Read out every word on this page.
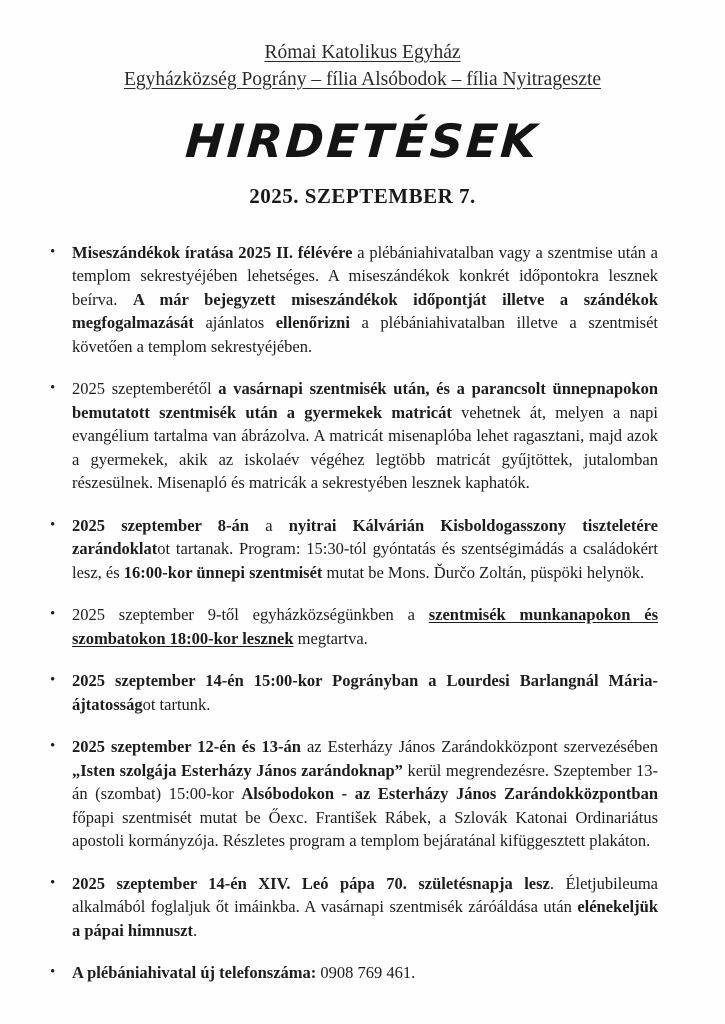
Római Katolikus Egyház
Egyházközség Pográny – fília Alsóbodok – fília Nyitrageszte
HIRDETÉSEK
2025. SZEPTEMBER 7.
•	Miseszándékok íratása 2025 II. félévére a plébániahivatalban vagy a szentmise után a templom sekrestyéjében lehetséges. A miseszándékok konkrét időpontokra lesznek beírva. A már bejegyzett miseszándékok időpontját illetve a szándékok megfogalmazását ajánlatos ellenőrizni a plébániahivatalban illetve a szentmisét követően a templom sekrestyéjében.
•	2025 szeptemberétől a vasárnapi szentmisék után, és a parancsolt ünnepnapokon bemutatott szentmisék után a gyermekek matricát vehetnek át, melyen a napi evangélium tartalma van ábrázolva. A matricát misenaplóba lehet ragasztani, majd azok a gyermekek, akik az iskolaév végéhez legtöbb matricát gyűjtöttek, jutalomban részesülnek. Misenapló és matricák a sekrestyében lesznek kaphatók.
•	2025 szeptember 8-án a nyitrai Kálvárián Kisboldogasszony tiszteletére zarándoklatot tartanak. Program: 15:30-tól gyóntatás és szentségimádás a családokért lesz, és 16:00-kor ünnepi szentmisét mutat be Mons. Ďurčo Zoltán, püspöki helynök.
•	2025 szeptember 9-től egyházközségünkben a szentmisék munkanapokon és szombatokon 18:00-kor lesznek megtartva.
•	2025 szeptember 14-én 15:00-kor Pogrányban a Lourdesi Barlangnál Mária-ájtatosságot tartunk.
•	2025 szeptember 12-én és 13-án az Esterházy János Zarándokközpont szervezésében „Isten szolgája Esterházy János zarándoknap” kerül megrendezésre. Szeptember 13-án (szombat) 15:00-kor Alsóbodokon - az Esterházy János Zarándokközpontban főpapi szentmisét mutat be Őexc. František Rábek, a Szlovák Katonai Ordinariátus apostoli kormányzója. Részletes program a templom bejáratánal kifüggesztett plakáton.
•	2025 szeptember 14-én XIV. Leó pápa 70. születésnapja lesz. Életjubileuma alkalmából foglaljuk őt imáinkba. A vasárnapi szentmisék záróáldása után elénekeljük a pápai himnuszt.
•	A plébániahivatal új telefonszáma: 0908 769 461.
